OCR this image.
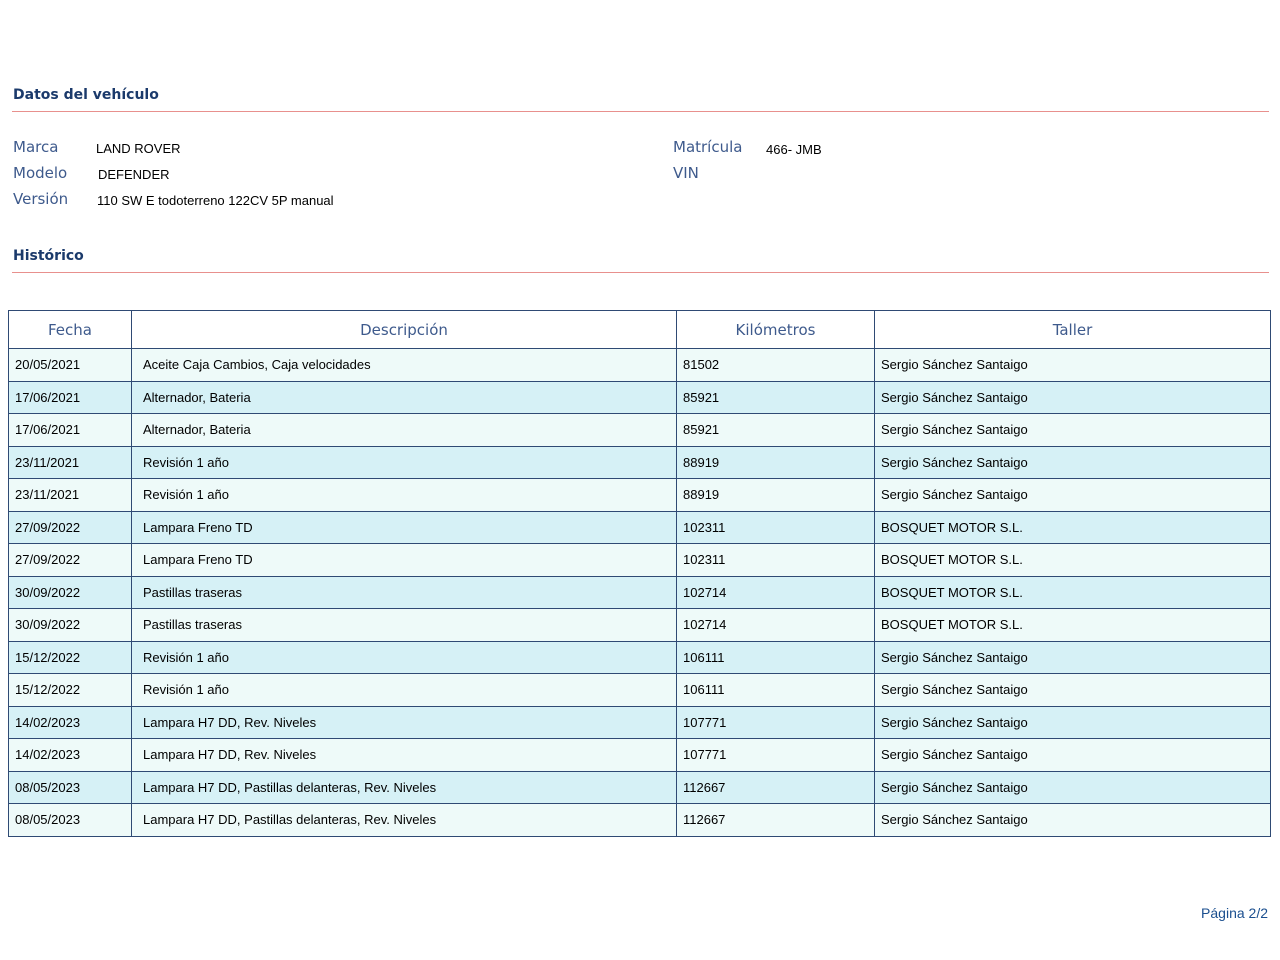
Datos del vehículo
Marca	LAND ROVER
Modelo DEFENDER
Versión 110 SW E todoterreno 122CV 5P manual
Matrícula 466- JMB
VIN
Histórico
Fecha	Descripción	Kilómetros	Taller
20/05/2021	Aceite Caja Cambios, Caja velocidades	81502	Sergio Sánchez Santaigo
17/06/2021	Alternador, Bateria	85921	Sergio Sánchez Santaigo
17/06/2021	Alternador, Bateria	85921	Sergio Sánchez Santaigo
23/11/2021	Revisión 1 año	88919	Sergio Sánchez Santaigo
23/11/2021	Revisión 1 año	88919	Sergio Sánchez Santaigo
27/09/2022	Lampara Freno TD	102311	BOSQUET MOTOR S.L.
27/09/2022	Lampara Freno TD	102311	BOSQUET MOTOR S.L.
30/09/2022	Pastillas traseras	102714	BOSQUET MOTOR S.L.
30/09/2022	Pastillas traseras	102714	BOSQUET MOTOR S.L.
15/12/2022	Revisión 1 año	106111	Sergio Sánchez Santaigo
15/12/2022	Revisión 1 año	106111	Sergio Sánchez Santaigo
14/02/2023	Lampara H7 DD, Rev. Niveles	107771	Sergio Sánchez Santaigo
14/02/2023	Lampara H7 DD, Rev. Niveles	107771	Sergio Sánchez Santaigo
08/05/2023	Lampara H7 DD, Pastillas delanteras, Rev. Niveles	112667	Sergio Sánchez Santaigo
08/05/2023	Lampara H7 DD, Pastillas delanteras, Rev. Niveles	112667	Sergio Sánchez Santaigo
Página 2/2
